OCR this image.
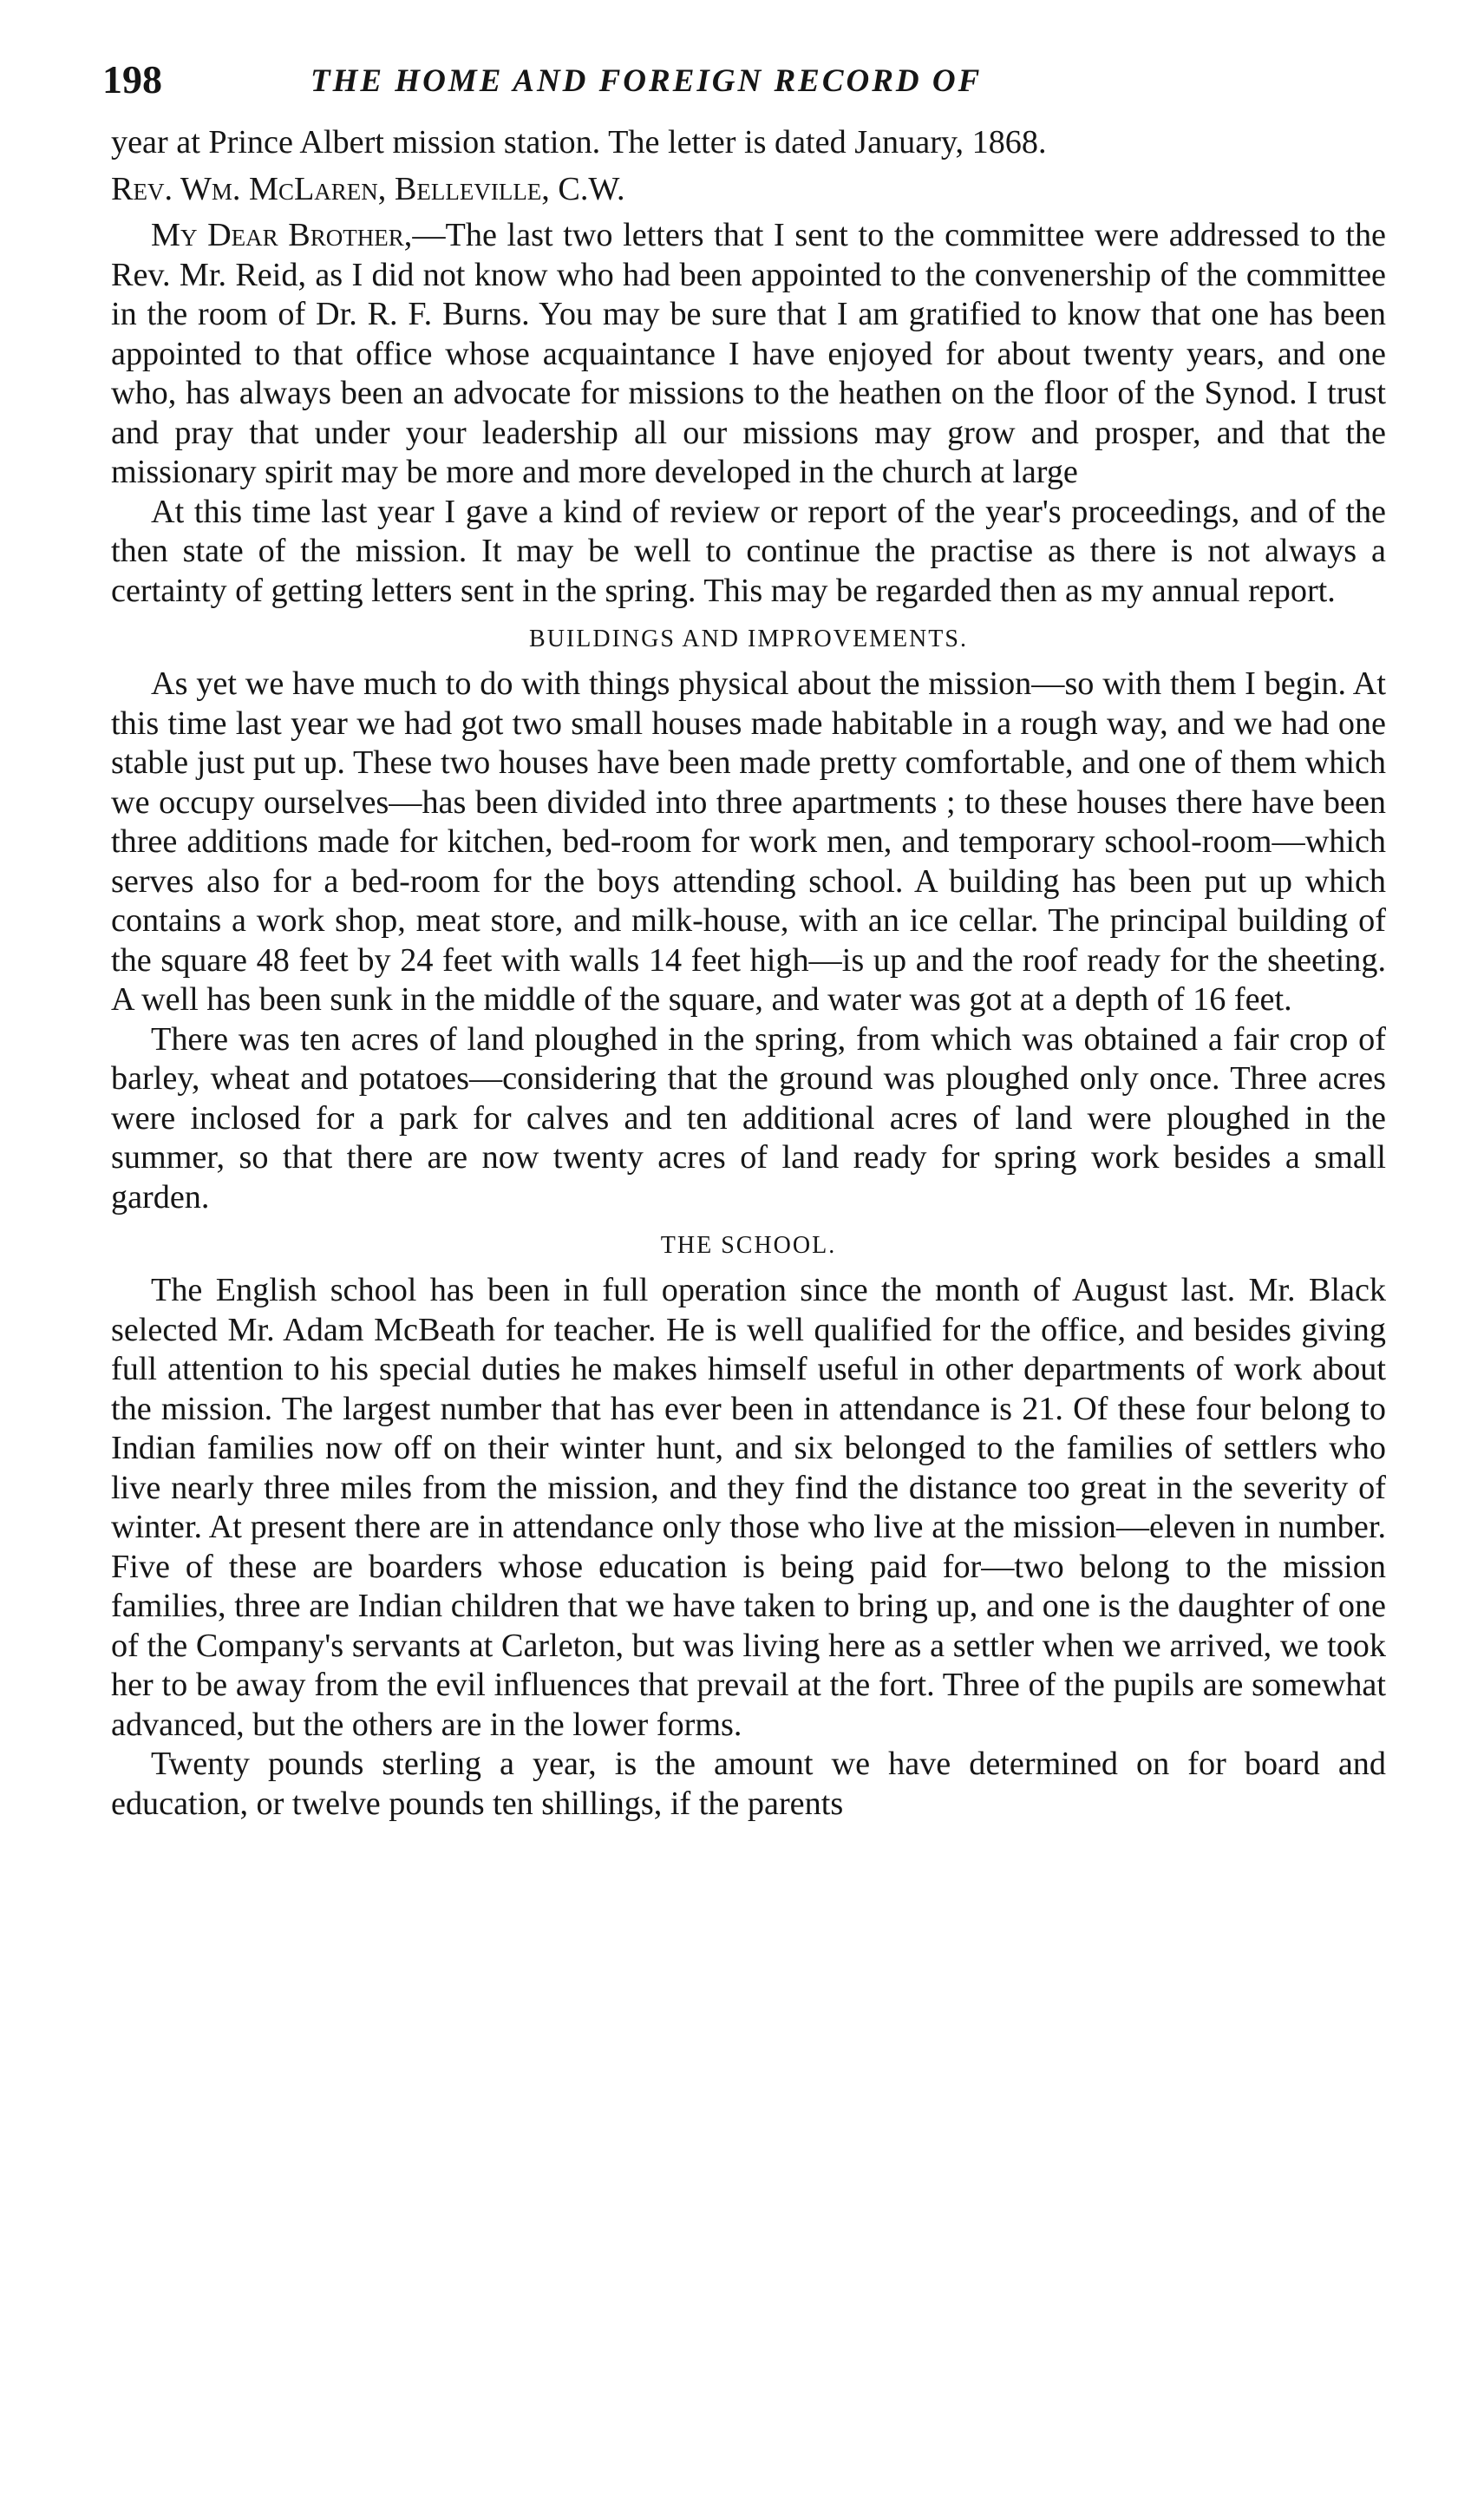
198	THE HOME AND FOREIGN RECORD OF

year at Prince Albert mission station. The letter is dated January, 1868.

Rev. Wm. McLaren, Belleville, C.W.

My Dear Brother,—The last two letters that I sent to the committee were addressed to the Rev. Mr. Reid, as I did not know who had been appointed to the convenership of the committee in the room of Dr. R. F. Burns. You may be sure that I am gratified to know that one has been appointed to that office whose acquaintance I have enjoyed for about twenty years, and one who, has always been an advocate for missions to the heathen on the floor of the Synod. I trust and pray that under your leadership all our missions may grow and prosper, and that the missionary spirit may be more and more developed in the church at large

At this time last year I gave a kind of review or report of the year's proceedings, and of the then state of the mission. It may be well to continue the practise as there is not always a certainty of getting letters sent in the spring. This may be regarded then as my annual report.

BUILDINGS AND IMPROVEMENTS.

As yet we have much to do with things physical about the mission—so with them I begin. At this time last year we had got two small houses made habitable in a rough way, and we had one stable just put up. These two houses have been made pretty comfortable, and one of them which we occupy ourselves—has been divided into three apartments ; to these houses there have been three additions made for kitchen, bed-room for work men, and temporary school-room—which serves also for a bed-room for the boys attending school. A building has been put up which contains a work shop, meat store, and milk-house, with an ice cellar. The principal building of the square 48 feet by 24 feet with walls 14 feet high—is up and the roof ready for the sheeting. A well has been sunk in the middle of the square, and water was got at a depth of 16 feet.

There was ten acres of land ploughed in the spring, from which was obtained a fair crop of barley, wheat and potatoes—considering that the ground was ploughed only once. Three acres were inclosed for a park for calves and ten additional acres of land were ploughed in the summer, so that there are now twenty acres of land ready for spring work besides a small garden.

THE SCHOOL.

The English school has been in full operation since the month of August last. Mr. Black selected Mr. Adam McBeath for teacher. He is well qualified for the office, and besides giving full attention to his special duties he makes himself useful in other departments of work about the mission. The largest number that has ever been in attendance is 21. Of these four belong to Indian families now off on their winter hunt, and six belonged to the families of settlers who live nearly three miles from the mission, and they find the distance too great in the severity of winter. At present there are in attendance only those who live at the mission—eleven in number. Five of these are boarders whose education is being paid for—two belong to the mission families, three are Indian children that we have taken to bring up, and one is the daughter of one of the Company's servants at Carleton, but was living here as a settler when we arrived, we took her to be away from the evil influences that prevail at the fort. Three of the pupils are somewhat advanced, but the others are in the lower forms.

Twenty pounds sterling a year, is the amount we have determined on for board and education, or twelve pounds ten shillings, if the parents
